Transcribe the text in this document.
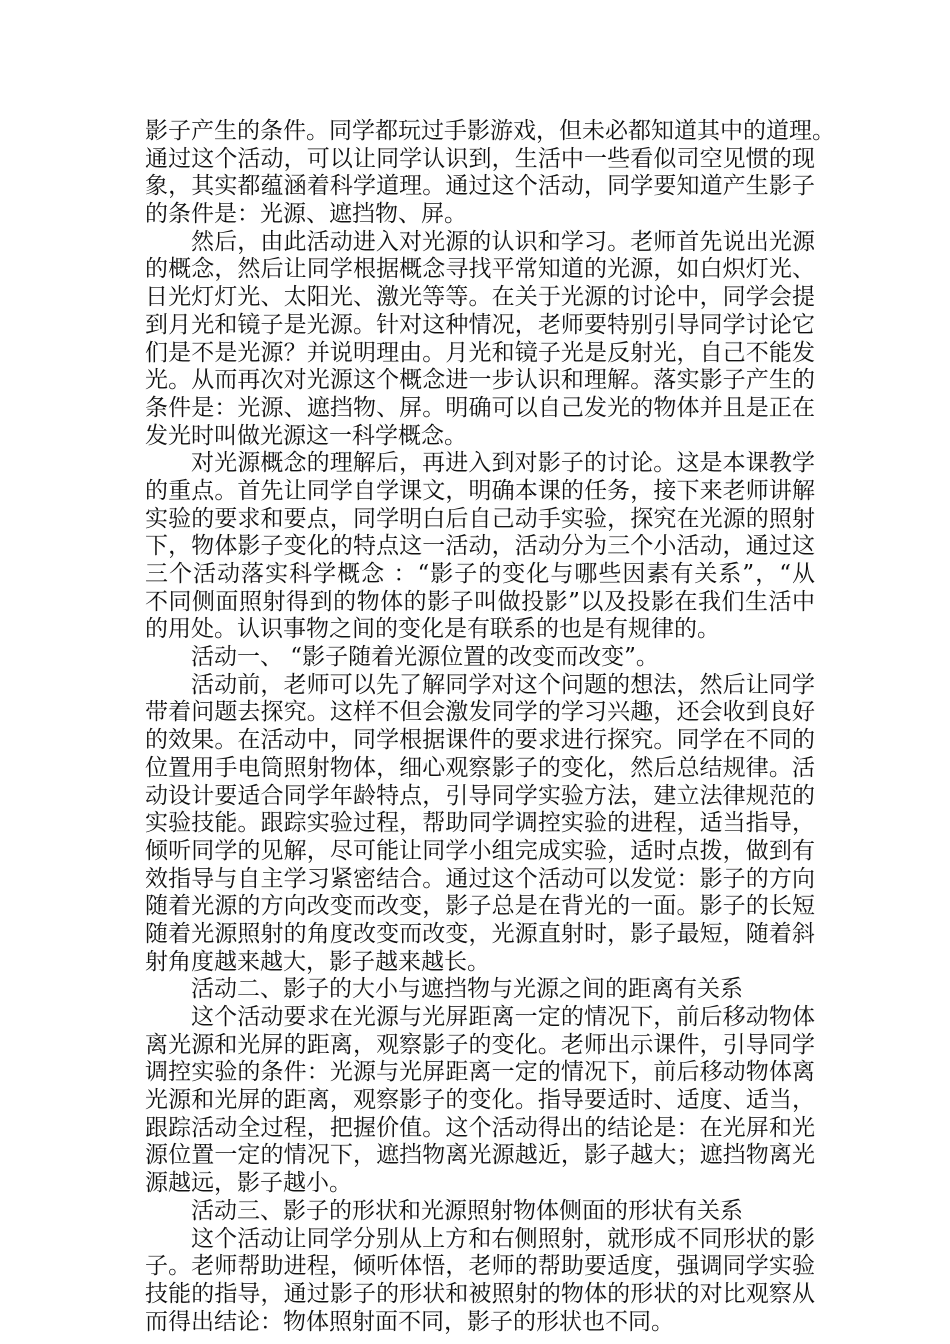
影子产生的条件。同学都玩过手影游戏，但未必都知道其中的道理。
通过这个活动，可以让同学认识到，生活中一些看似司空见惯的现
象，其实都蕴涵着科学道理。通过这个活动，同学要知道产生影子
的条件是：光源、遮挡物、屏。
然后，由此活动进入对光源的认识和学习。老师首先说出光源
的概念，然后让同学根据概念寻找平常知道的光源，如白炽灯光、
日光灯灯光、太阳光、激光等等。在关于光源的讨论中，同学会提
到月光和镜子是光源。针对这种情况，老师要特别引导同学讨论它
们是不是光源？并说明理由。月光和镜子光是反射光，自己不能发
光。从而再次对光源这个概念进一步认识和理解。落实影子产生的
条件是：光源、遮挡物、屏。明确可以自己发光的物体并且是正在
发光时叫做光源这一科学概念。
对光源概念的理解后，再进入到对影子的讨论。这是本课教学
的重点。首先让同学自学课文，明确本课的任务，接下来老师讲解
实验的要求和要点，同学明白后自己动手实验，探究在光源的照射
下，物体影子变化的特点这一活动，活动分为三个小活动，通过这
三个活动落实科学概念 ：“影子的变化与哪些因素有关系”，“从
不同侧面照射得到的物体的影子叫做投影”以及投影在我们生活中
的用处。认识事物之间的变化是有联系的也是有规律的。
活动一、 “影子随着光源位置的改变而改变”。
活动前，老师可以先了解同学对这个问题的想法，然后让同学
带着问题去探究。这样不但会激发同学的学习兴趣，还会收到良好
的效果。在活动中，同学根据课件的要求进行探究。同学在不同的
位置用手电筒照射物体，细心观察影子的变化，然后总结规律。活
动设计要适合同学年龄特点，引导同学实验方法，建立法律规范的
实验技能。跟踪实验过程，帮助同学调控实验的进程，适当指导，
倾听同学的见解，尽可能让同学小组完成实验，适时点拨，做到有
效指导与自主学习紧密结合。通过这个活动可以发觉：影子的方向
随着光源的方向改变而改变，影子总是在背光的一面。影子的长短
随着光源照射的角度改变而改变，光源直射时，影子最短，随着斜
射角度越来越大，影子越来越长。
活动二、影子的大小与遮挡物与光源之间的距离有关系
这个活动要求在光源与光屏距离一定的情况下，前后移动物体
离光源和光屏的距离，观察影子的变化。老师出示课件，引导同学
调控实验的条件：光源与光屏距离一定的情况下，前后移动物体离
光源和光屏的距离，观察影子的变化。指导要适时、适度、适当，
跟踪活动全过程，把握价值。这个活动得出的结论是：在光屏和光
源位置一定的情况下，遮挡物离光源越近，影子越大；遮挡物离光
源越远，影子越小。
活动三、影子的形状和光源照射物体侧面的形状有关系
这个活动让同学分别从上方和右侧照射，就形成不同形状的影
子。老师帮助进程，倾听体悟，老师的帮助要适度，强调同学实验
技能的指导，通过影子的形状和被照射的物体的形状的对比观察从
而得出结论：物体照射面不同，影子的形状也不同。
